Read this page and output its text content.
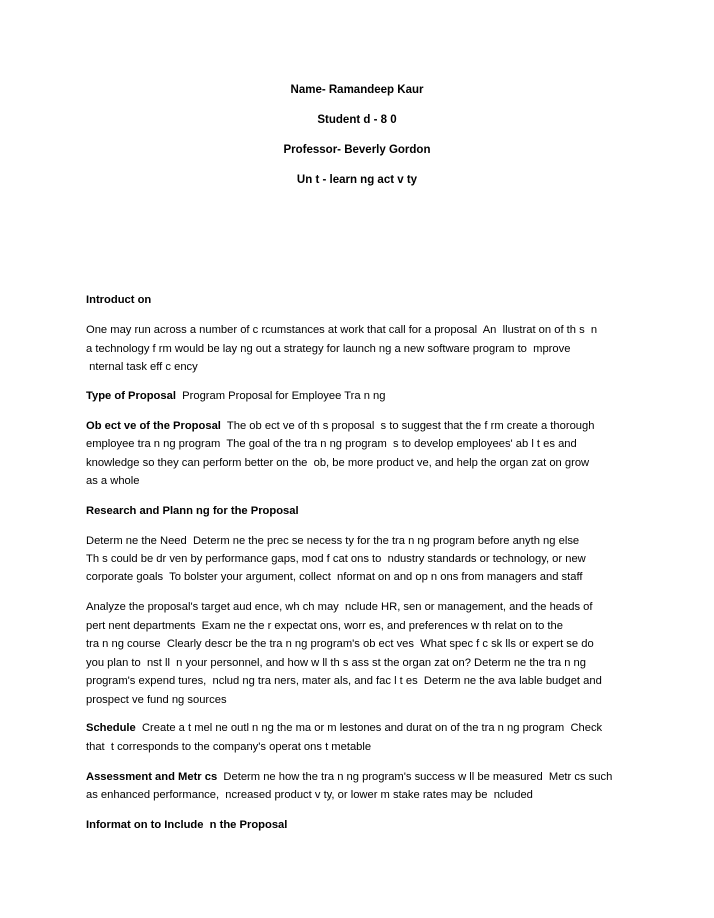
Name- Ramandeep Kaur
Student d - 8 0
Professor- Beverly Gordon
Un t - learn ng act v ty

Introduct on

One may run across a number of c rcumstances at work that call for a proposal  An  llustrat on of th s  n

a technology f rm would be lay ng out a strategy for launch ng a new software program to  mprove

nternal task eff c ency

Type of Proposal  Program Proposal for Employee Tra n ng

Ob ect ve of the Proposal  The ob ect ve of th s proposal  s to suggest that the f rm create a thorough

employee tra n ng program  The goal of the tra n ng program  s to develop employees' ab l t es and

knowledge so they can perform better on the  ob, be more product ve, and help the organ zat on grow

as a whole

Research and Plann ng for the Proposal

Determ ne the Need  Determ ne the prec se necess ty for the tra n ng program before anyth ng else

Th s could be dr ven by performance gaps, mod f cat ons to  ndustry standards or technology, or new

corporate goals  To bolster your argument, collect  nformat on and op n ons from managers and staff

Analyze the proposal's target aud ence, wh ch may  nclude HR, sen or management, and the heads of

pert nent departments  Exam ne the r expectat ons, worr es, and preferences w th relat on to the

tra n ng course  Clearly descr be the tra n ng program's ob ect ves  What spec f c sk lls or expert se do

you plan to  nst ll  n your personnel, and how w ll th s ass st the organ zat on? Determ ne the tra n ng

program's expend tures,  nclud ng tra ners, mater als, and fac l t es  Determ ne the ava lable budget and

prospect ve fund ng sources

Schedule  Create a t mel ne outl n ng the ma or m lestones and durat on of the tra n ng program  Check

that  t corresponds to the company's operat ons t metable

Assessment and Metr cs  Determ ne how the tra n ng program's success w ll be measured  Metr cs such

as enhanced performance,  ncreased product v ty, or lower m stake rates may be  ncluded

Informat on to Include  n the Proposal
